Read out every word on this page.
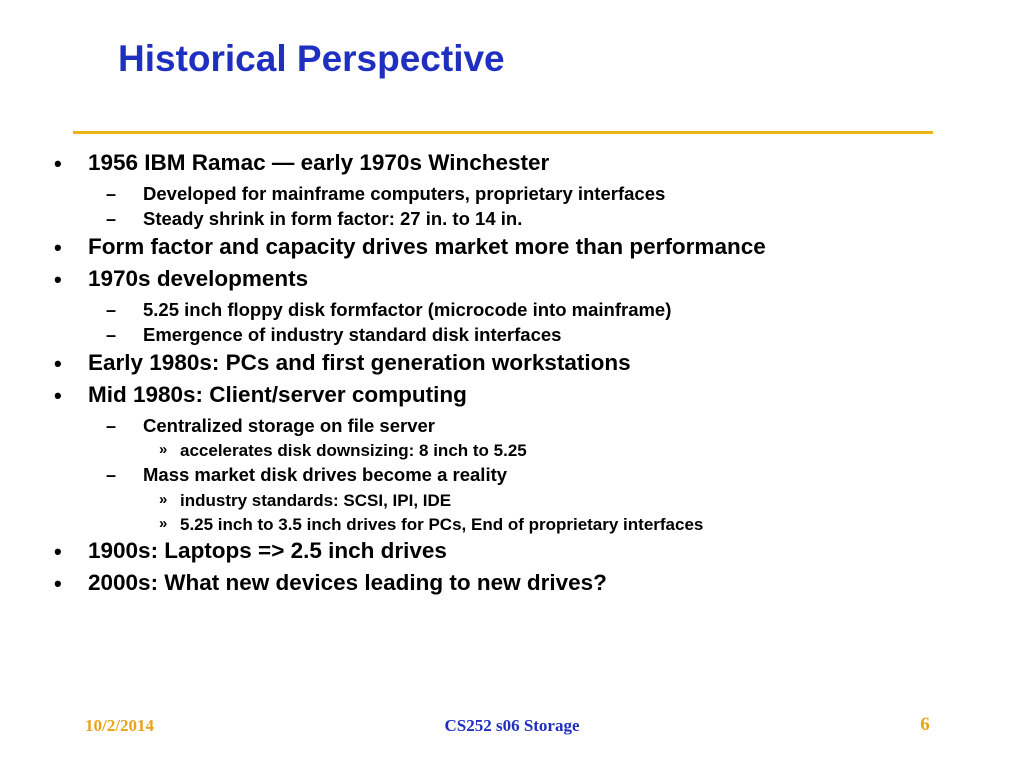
Historical Perspective
• 1956 IBM Ramac — early 1970s Winchester
– Developed for mainframe computers, proprietary interfaces
– Steady shrink in form factor: 27 in. to 14 in.
• Form factor and capacity drives market more than performance
• 1970s developments
– 5.25 inch floppy disk formfactor (microcode into mainframe)
– Emergence of industry standard disk interfaces
• Early 1980s: PCs and first generation workstations
• Mid 1980s: Client/server computing
– Centralized storage on file server
» accelerates disk downsizing: 8 inch to 5.25
– Mass market disk drives become a reality
» industry standards: SCSI, IPI, IDE
» 5.25 inch to 3.5 inch drives for PCs, End of proprietary interfaces
• 1900s: Laptops => 2.5 inch drives
• 2000s: What new devices leading to new drives?
10/2/2014	CS252 s06 Storage	6
